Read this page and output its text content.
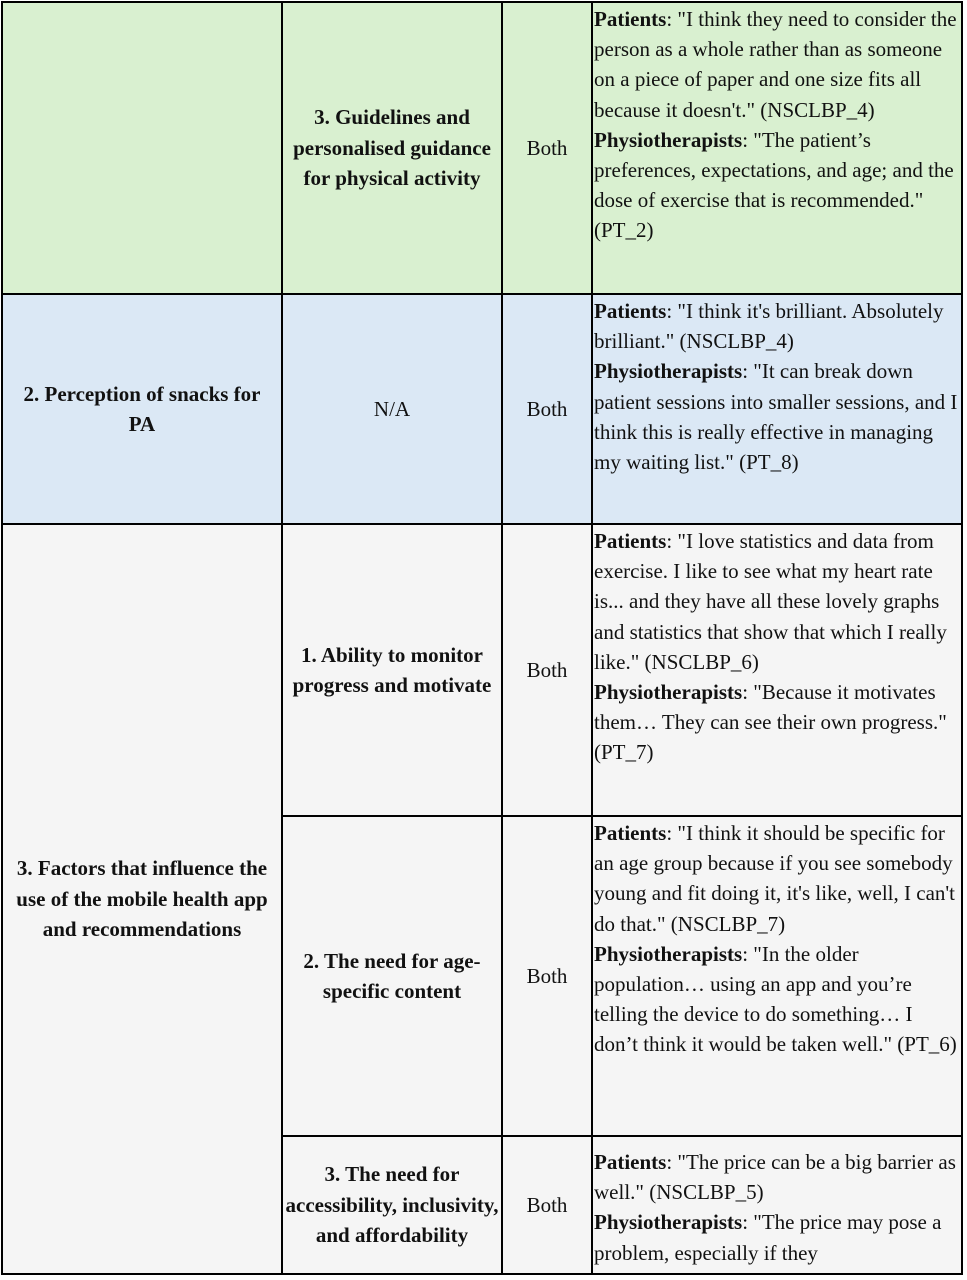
	3. Guidelines and personalised guidance for physical activity	Both	Patients: "I think they need to consider the person as a whole rather than as someone on a piece of paper and one size fits all because it doesn't." (NSCLBP_4)
Physiotherapists: "The patient’s preferences, expectations, and age; and the dose of exercise that is recommended." (PT_2)

2. Perception of snacks for PA	N/A	Both	Patients: "I think it's brilliant. Absolutely brilliant." (NSCLBP_4)
Physiotherapists: "It can break down patient sessions into smaller sessions, and I think this is really effective in managing my waiting list." (PT_8)

3. Factors that influence the use of the mobile health app and recommendations	1. Ability to monitor progress and motivate	Both	Patients: "I love statistics and data from exercise. I like to see what my heart rate is... and they have all these lovely graphs and statistics that show that which I really like." (NSCLBP_6)
Physiotherapists: "Because it motivates them… They can see their own progress." (PT_7)

	2. The need for age-specific content	Both	Patients: "I think it should be specific for an age group because if you see somebody young and fit doing it, it's like, well, I can't do that." (NSCLBP_7)
Physiotherapists: "In the older population… using an app and you’re telling the device to do something… I don’t think it would be taken well." (PT_6)

	3. The need for accessibility, inclusivity, and affordability	Both	Patients: "The price can be a big barrier as well." (NSCLBP_5)
Physiotherapists: "The price may pose a problem, especially if they
